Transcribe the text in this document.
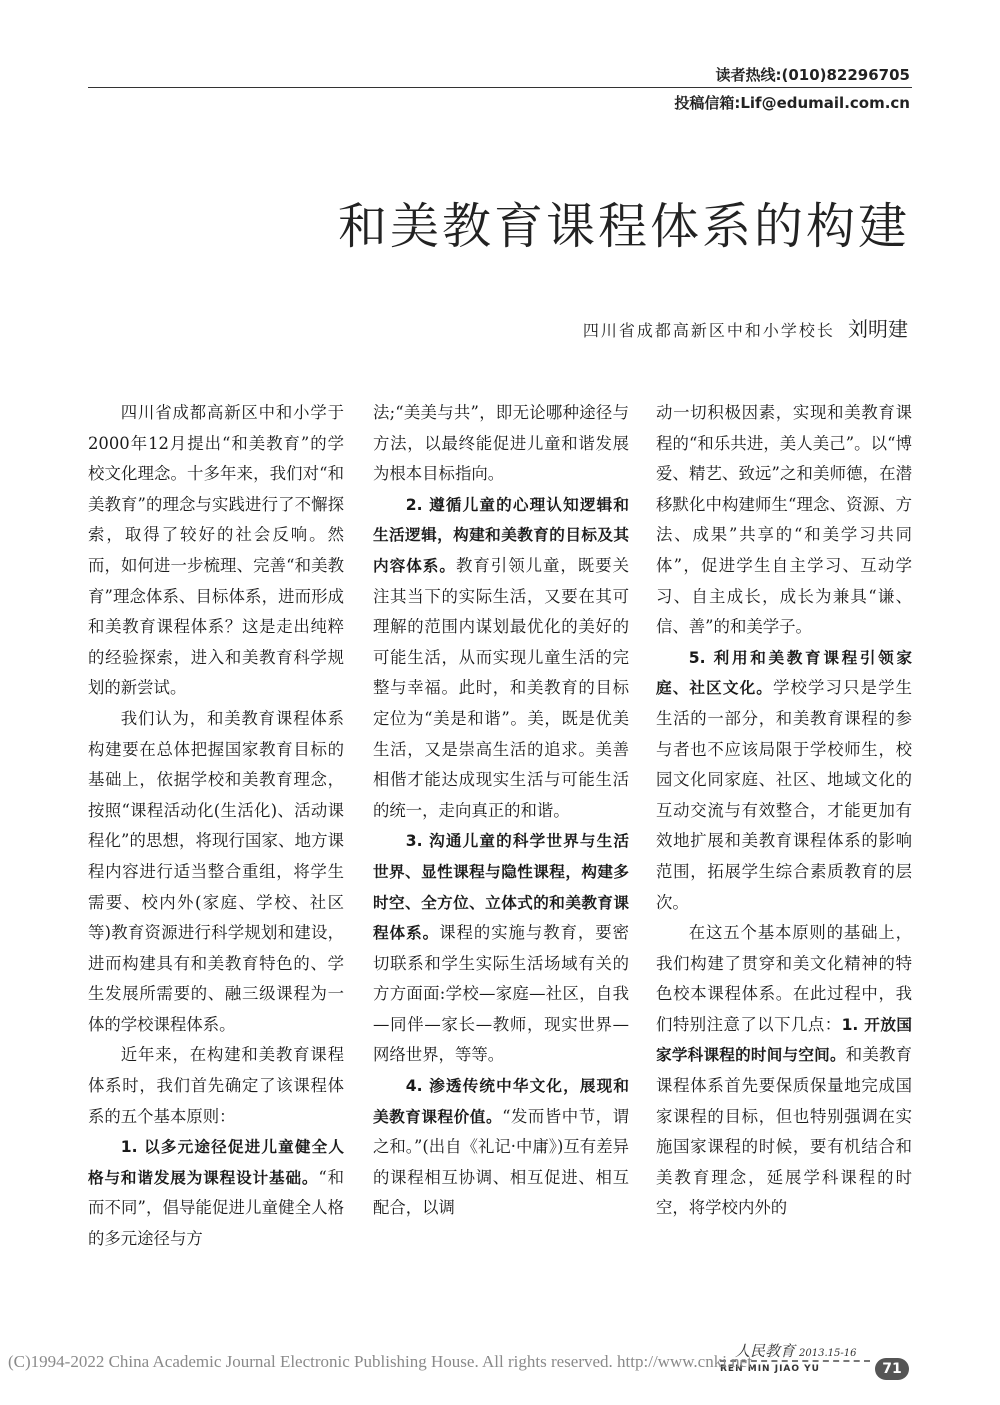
读者热线:(010)82296705
投稿信箱:Lif@edumail.com.cn
和美教育课程体系的构建
四川省成都高新区中和小学校长 刘明建

四川省成都高新区中和小学于2000年12月提出“和美教育”的学校文化理念。十多年来，我们对“和美教育”的理念与实践进行了不懈探索，取得了较好的社会反响。然而，如何进一步梳理、完善“和美教育”理念体系、目标体系，进而形成和美教育课程体系？这是走出纯粹的经验探索，进入和美教育科学规划的新尝试。

我们认为，和美教育课程体系构建要在总体把握国家教育目标的基础上，依据学校和美教育理念，按照“课程活动化(生活化)、活动课程化”的思想，将现行国家、地方课程内容进行适当整合重组，将学生需要、校内外(家庭、学校、社区等)教育资源进行科学规划和建设，进而构建具有和美教育特色的、学生发展所需要的、融三级课程为一体的学校课程体系。

近年来，在构建和美教育课程体系时，我们首先确定了该课程体系的五个基本原则：

1. 以多元途径促进儿童健全人格与和谐发展为课程设计基础。“和而不同”，倡导能促进儿童健全人格的多元途径与方

法;“美美与共”，即无论哪种途径与方法，以最终能促进儿童和谐发展为根本目标指向。

2. 遵循儿童的心理认知逻辑和生活逻辑，构建和美教育的目标及其内容体系。教育引领儿童，既要关注其当下的实际生活，又要在其可理解的范围内谋划最优化的美好的可能生活，从而实现儿童生活的完整与幸福。此时，和美教育的目标定位为“美是和谐”。美，既是优美生活，又是崇高生活的追求。美善相偕才能达成现实生活与可能生活的统一，走向真正的和谐。

3. 沟通儿童的科学世界与生活世界、显性课程与隐性课程，构建多时空、全方位、立体式的和美教育课程体系。课程的实施与教育，要密切联系和学生实际生活场域有关的方方面面:学校—家庭—社区，自我—同伴—家长—教师，现实世界—网络世界，等等。

4. 渗透传统中华文化，展现和美教育课程价值。“发而皆中节，谓之和。”(出自《礼记·中庸》)互有差异的课程相互协调、相互促进、相互配合，以调

动一切积极因素，实现和美教育课程的“和乐共进，美人美己”。以“博爱、精艺、致远”之和美师德，在潜移默化中构建师生“理念、资源、方法、成果”共享的“和美学习共同体”，促进学生自主学习、互动学习、自主成长，成长为兼具“谦、信、善”的和美学子。

5. 利用和美教育课程引领家庭、社区文化。学校学习只是学生生活的一部分，和美教育课程的参与者也不应该局限于学校师生，校园文化同家庭、社区、地域文化的互动交流与有效整合，才能更加有效地扩展和美教育课程体系的影响范围，拓展学生综合素质教育的层次。

在这五个基本原则的基础上，我们构建了贯穿和美文化精神的特色校本课程体系。在此过程中，我们特别注意了以下几点：1. 开放国家学科课程的时间与空间。和美教育课程体系首先要保质保量地完成国家课程的目标，但也特别强调在实施国家课程的时候，要有机结合和美教育理念，延展学科课程的时空，将学校内外的

人民教育 2013.15-16
REN MIN JIAO YU	71
(C)1994-2022 China Academic Journal Electronic Publishing House. All rights reserved. http://www.cnki.net
